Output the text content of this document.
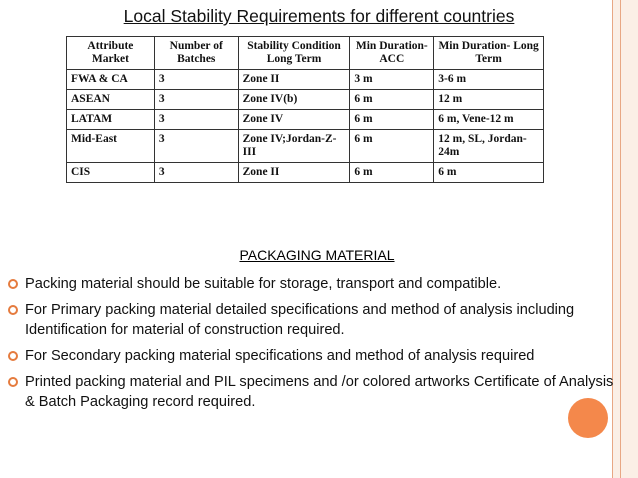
Local Stability Requirements for different countries
Attribute Market	Number of Batches	Stability Condition Long Term	Min Duration- ACC	Min Duration- Long Term
FWA & CA	3	Zone II	3 m	3-6 m
ASEAN	3	Zone IV(b)	6 m	12 m
LATAM	3	Zone IV	6 m	6 m, Vene-12 m
Mid-East	3	Zone IV;Jordan-Z-III	6 m	12 m, SL, Jordan-24m
CIS	3	Zone II	6 m	6 m
PACKAGING MATERIAL
Packing material should be suitable for storage, transport and compatible.
For Primary packing material detailed specifications and method of analysis including Identification for material of construction required.
For Secondary packing material specifications and method of analysis required
Printed packing material and PIL specimens and /or colored artworks Certificate of Analysis & Batch Packaging record required.
